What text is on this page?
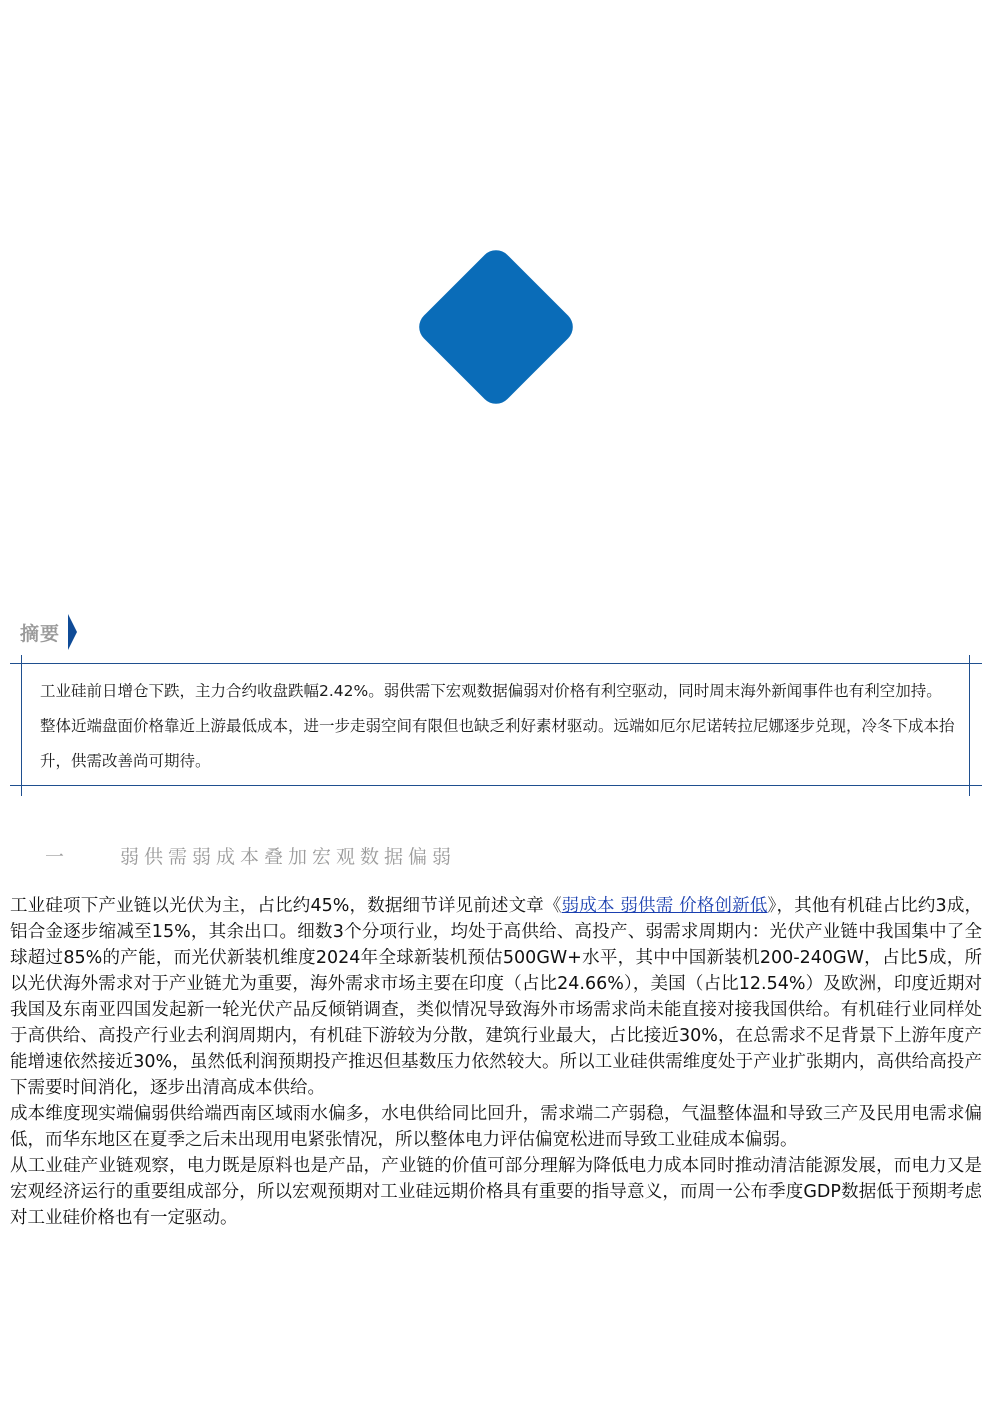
摘要
工业硅前日增仓下跌，主力合约收盘跌幅2.42%。弱供需下宏观数据偏弱对价格有利空驱动，同时周末海外新闻事件也有利空加持。整体近端盘面价格靠近上游最低成本，进一步走弱空间有限但也缺乏利好素材驱动。远端如厄尔尼诺转拉尼娜逐步兑现，冷冬下成本抬升，供需改善尚可期待。
一	弱供需弱成本叠加宏观数据偏弱

工业硅项下产业链以光伏为主，占比约45%，数据细节详见前述文章《弱成本 弱供需 价格创新低》，其他有机硅占比约3成，铝合金逐步缩减至15%，其余出口。细数3个分项行业，均处于高供给、高投产、弱需求周期内：光伏产业链中我国集中了全球超过85%的产能，而光伏新装机维度2024年全球新装机预估500GW+水平，其中中国新装机200-240GW，占比5成，所以光伏海外需求对于产业链尤为重要，海外需求市场主要在印度（占比24.66%），美国（占比12.54%）及欧洲，印度近期对我国及东南亚四国发起新一轮光伏产品反倾销调查，类似情况导致海外市场需求尚未能直接对接我国供给。有机硅行业同样处于高供给、高投产行业去利润周期内，有机硅下游较为分散，建筑行业最大，占比接近30%，在总需求不足背景下上游年度产能增速依然接近30%，虽然低利润预期投产推迟但基数压力依然较大。所以工业硅供需维度处于产业扩张期内，高供给高投产下需要时间消化，逐步出清高成本供给。

成本维度现实端偏弱供给端西南区域雨水偏多，水电供给同比回升，需求端二产弱稳，气温整体温和导致三产及民用电需求偏低，而华东地区在夏季之后未出现用电紧张情况，所以整体电力评估偏宽松进而导致工业硅成本偏弱。

从工业硅产业链观察，电力既是原料也是产品，产业链的价值可部分理解为降低电力成本同时推动清洁能源发展，而电力又是宏观经济运行的重要组成部分，所以宏观预期对工业硅远期价格具有重要的指导意义，而周一公布季度GDP数据低于预期考虑对工业硅价格也有一定驱动。
